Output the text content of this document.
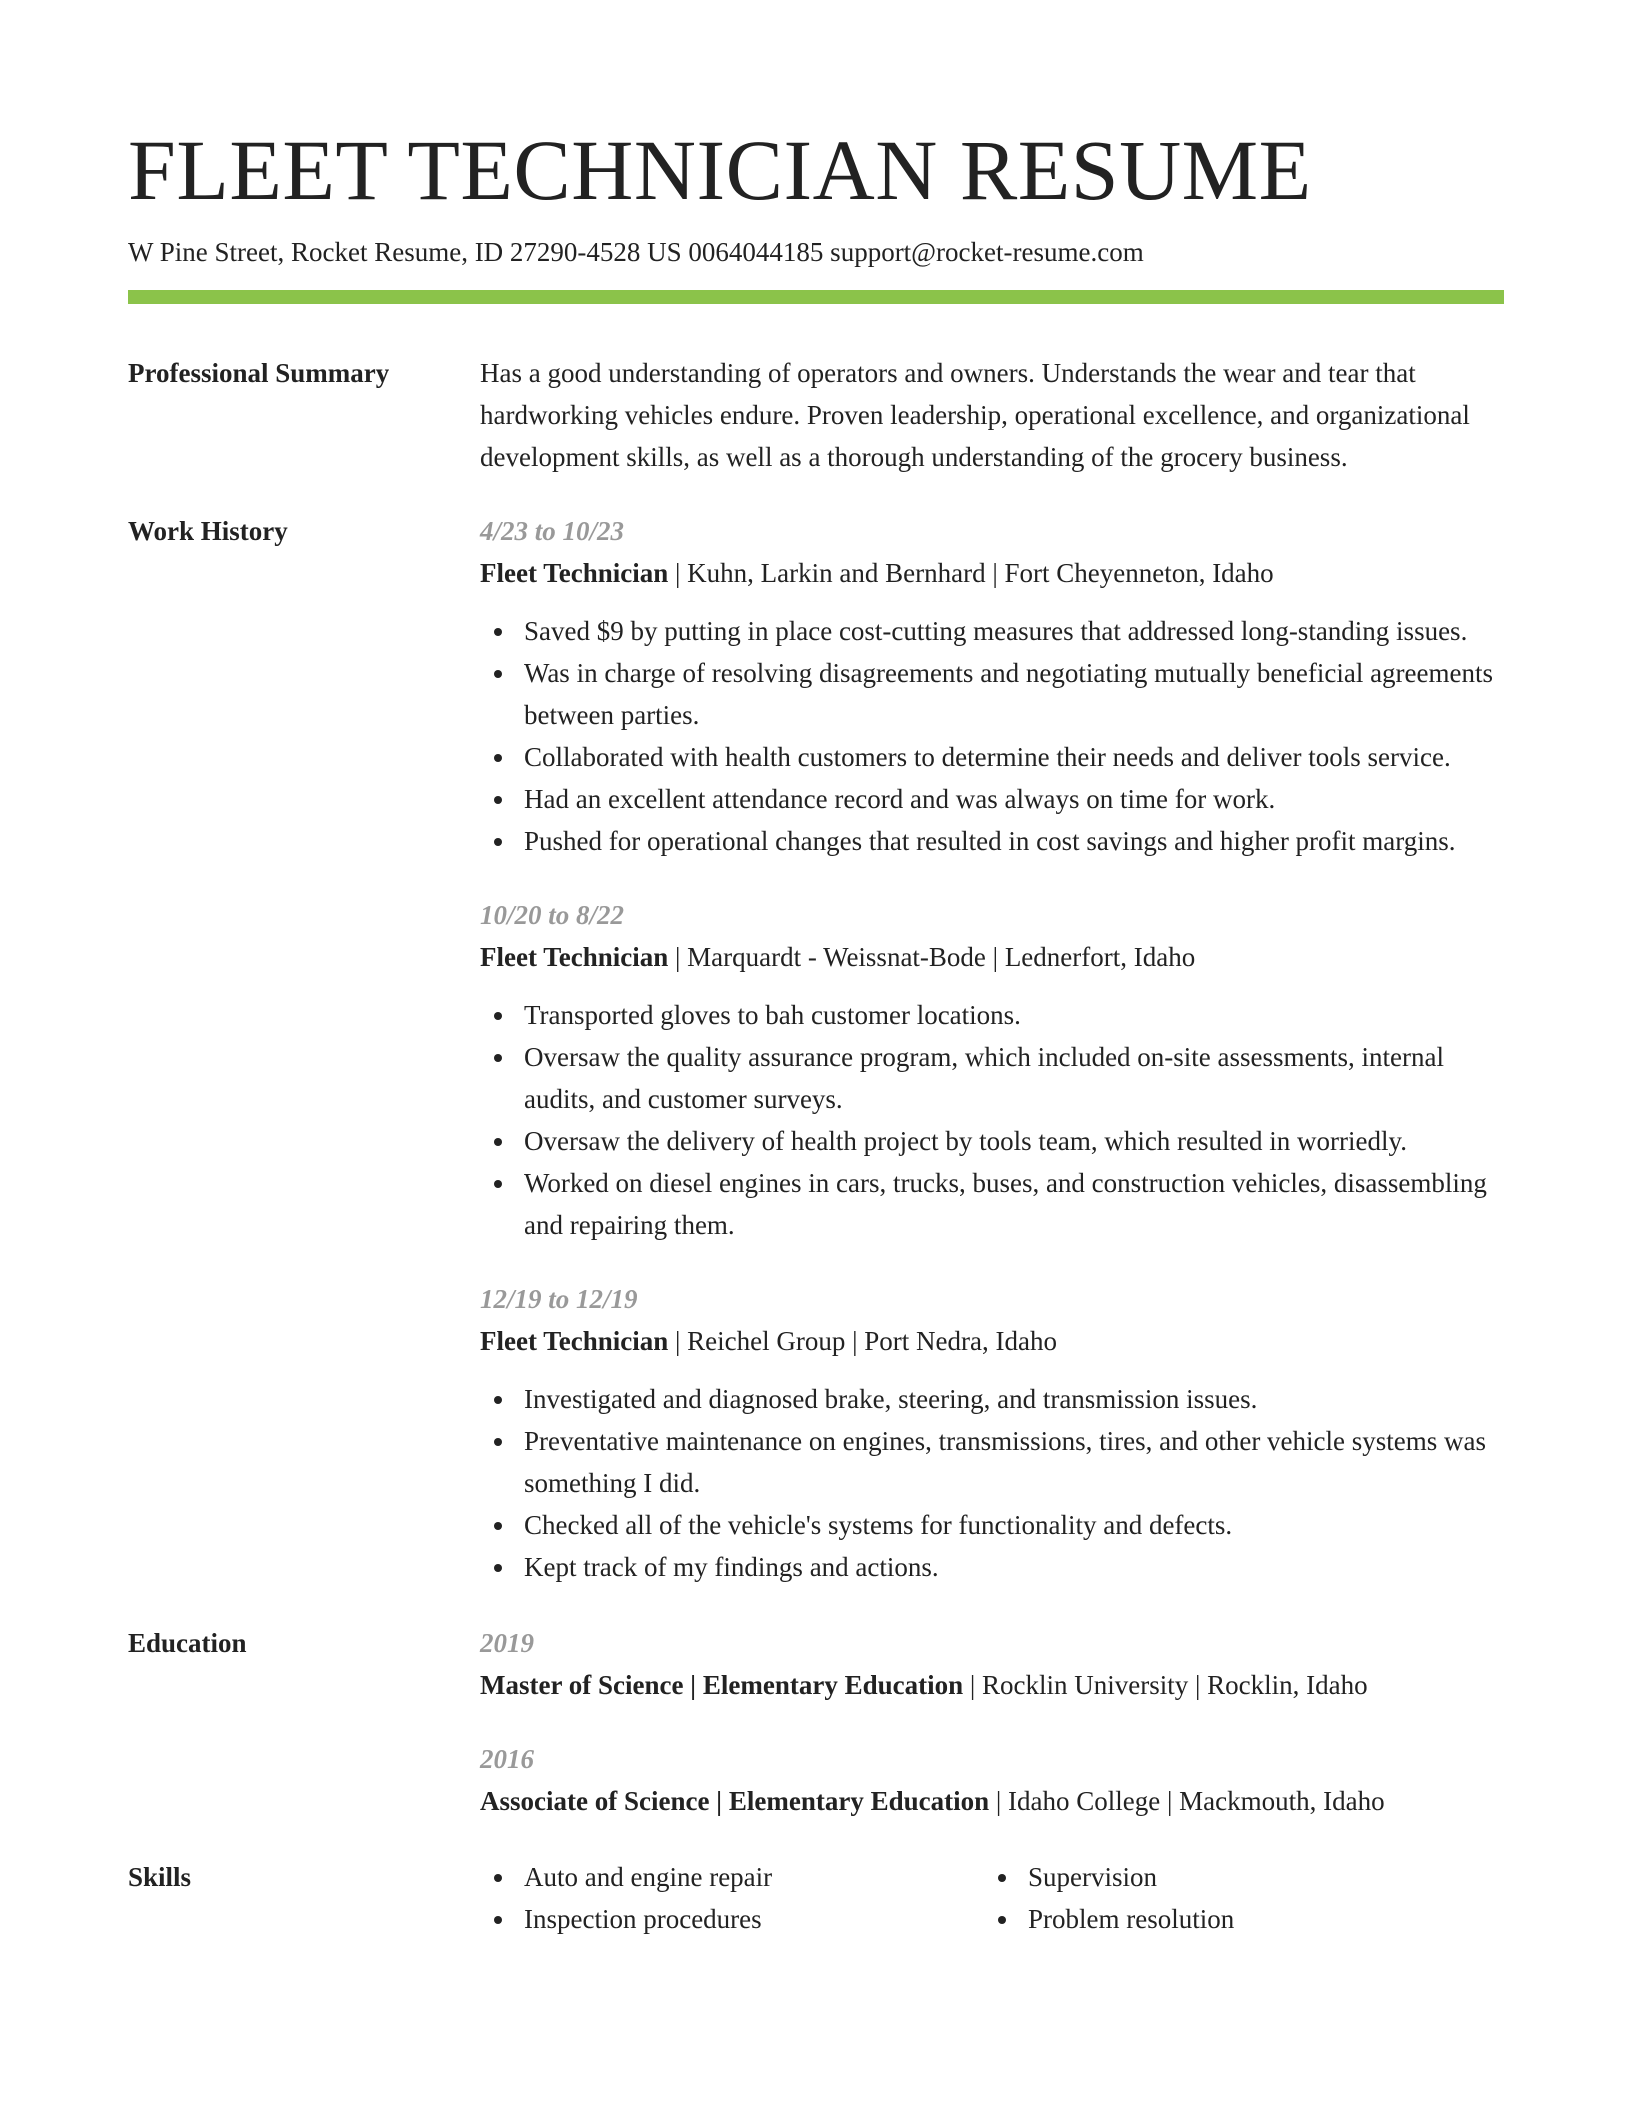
FLEET TECHNICIAN RESUME
W Pine Street, Rocket Resume, ID 27290-4528 US 0064044185 support@rocket-resume.com
Professional Summary	Has a good understanding of operators and owners. Understands the wear and tear that hardworking vehicles endure. Proven leadership, operational excellence, and organizational development skills, as well as a thorough understanding of the grocery business.
Work History	4/23 to 10/23
Fleet Technician | Kuhn, Larkin and Bernhard | Fort Cheyenneton, Idaho
Saved $9 by putting in place cost-cutting measures that addressed long-standing issues.
Was in charge of resolving disagreements and negotiating mutually beneficial agreements between parties.
Collaborated with health customers to determine their needs and deliver tools service.
Had an excellent attendance record and was always on time for work.
Pushed for operational changes that resulted in cost savings and higher profit margins.
10/20 to 8/22
Fleet Technician | Marquardt - Weissnat-Bode | Lednerfort, Idaho
Transported gloves to bah customer locations.
Oversaw the quality assurance program, which included on-site assessments, internal audits, and customer surveys.
Oversaw the delivery of health project by tools team, which resulted in worriedly.
Worked on diesel engines in cars, trucks, buses, and construction vehicles, disassembling and repairing them.
12/19 to 12/19
Fleet Technician | Reichel Group | Port Nedra, Idaho
Investigated and diagnosed brake, steering, and transmission issues.
Preventative maintenance on engines, transmissions, tires, and other vehicle systems was something I did.
Checked all of the vehicle's systems for functionality and defects.
Kept track of my findings and actions.
Education	2019
Master of Science | Elementary Education | Rocklin University | Rocklin, Idaho
2016
Associate of Science | Elementary Education | Idaho College | Mackmouth, Idaho
Skills	Auto and engine repair
Inspection procedures
Supervision
Problem resolution
